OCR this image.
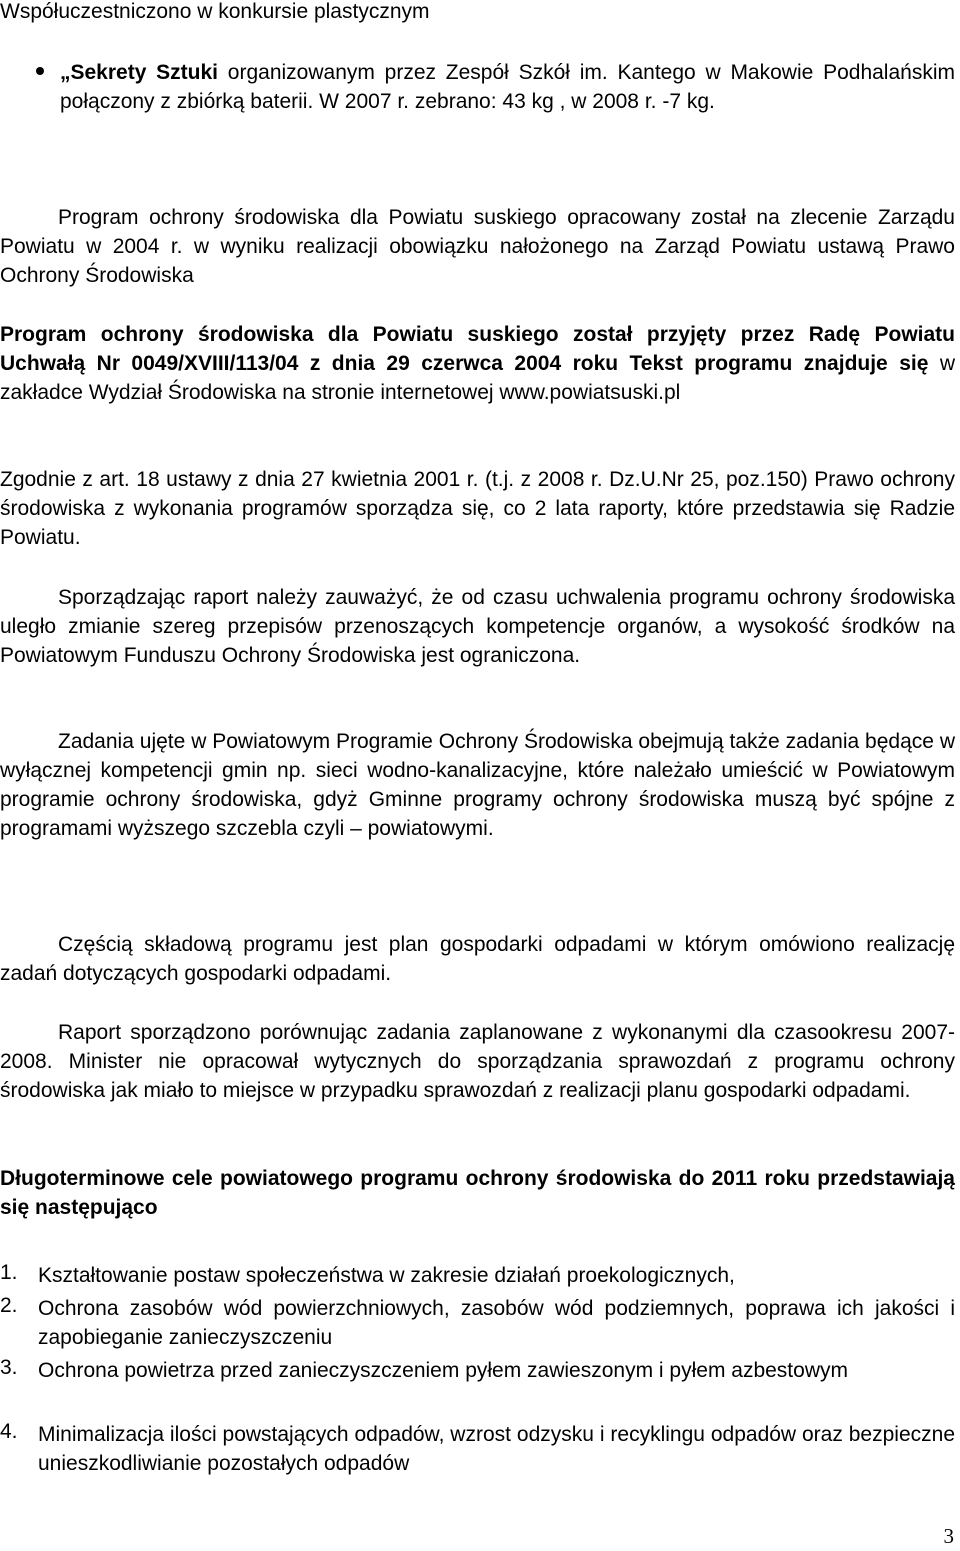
Współuczestniczono w konkursie plastycznym

„Sekrety Sztuki organizowanym przez Zespół Szkół im. Kantego w Makowie Podhalańskim połączony z zbiórką baterii. W 2007 r. zebrano: 43 kg , w 2008 r. -7 kg.

Program ochrony środowiska dla Powiatu suskiego opracowany został na zlecenie Zarządu Powiatu w 2004 r. w wyniku realizacji obowiązku nałożonego na Zarząd Powiatu ustawą Prawo Ochrony Środowiska

Program ochrony środowiska dla Powiatu suskiego został przyjęty przez Radę Powiatu Uchwałą Nr 0049/XVIII/113/04 z dnia 29 czerwca 2004 roku Tekst programu znajduje się w zakładce Wydział Środowiska na stronie internetowej www.powiatsuski.pl

Zgodnie z art. 18 ustawy z dnia 27 kwietnia 2001 r. (t.j. z 2008 r. Dz.U.Nr 25, poz.150) Prawo ochrony środowiska z wykonania programów sporządza się, co 2 lata raporty, które przedstawia się Radzie Powiatu.

Sporządzając raport należy zauważyć, że od czasu uchwalenia programu ochrony środowiska uległo zmianie szereg przepisów przenoszących kompetencje organów, a wysokość środków na Powiatowym Funduszu Ochrony Środowiska jest ograniczona.

Zadania ujęte w Powiatowym Programie Ochrony Środowiska obejmują także zadania będące w wyłącznej kompetencji gmin np. sieci wodno-kanalizacyjne, które należało umieścić w Powiatowym programie ochrony środowiska, gdyż Gminne programy ochrony środowiska muszą być spójne z programami wyższego szczebla czyli – powiatowymi.

Częścią składową programu jest plan gospodarki odpadami w którym omówiono realizację zadań dotyczących gospodarki odpadami.

Raport sporządzono porównując zadania zaplanowane z wykonanymi dla czasookresu 2007-2008. Minister nie opracował wytycznych do sporządzania sprawozdań z programu ochrony środowiska jak miało to miejsce w przypadku sprawozdań z realizacji planu gospodarki odpadami.

Długoterminowe cele powiatowego programu ochrony środowiska do 2011 roku przedstawiają się następująco

1. Kształtowanie postaw społeczeństwa w zakresie działań proekologicznych,

2. Ochrona zasobów wód powierzchniowych, zasobów wód podziemnych, poprawa ich jakości i zapobieganie zanieczyszczeniu

3. Ochrona powietrza przed zanieczyszczeniem pyłem zawieszonym i pyłem azbestowym

4. Minimalizacja ilości powstających odpadów, wzrost odzysku i recyklingu odpadów oraz bezpieczne unieszkodliwianie pozostałych odpadów

3
